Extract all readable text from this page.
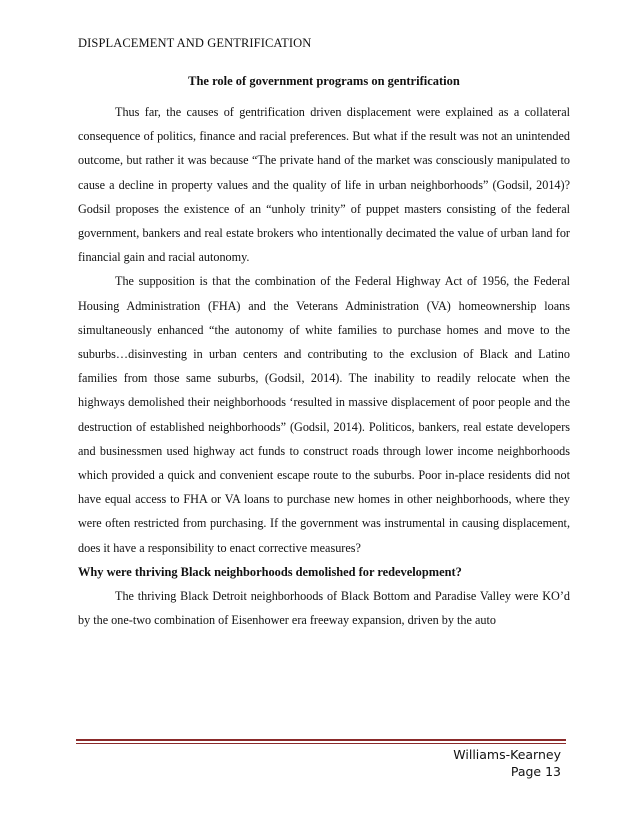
DISPLACEMENT AND GENTRIFICATION
The role of government programs on gentrification

Thus far, the causes of gentrification driven displacement were explained as a collateral consequence of politics, finance and racial preferences. But what if the result was not an unintended outcome, but rather it was because “The private hand of the market was consciously manipulated to cause a decline in property values and the quality of life in urban neighborhoods” (Godsil, 2014)? Godsil proposes the existence of an “unholy trinity” of puppet masters consisting of the federal government, bankers and real estate brokers who intentionally decimated the value of urban land for financial gain and racial autonomy.

The supposition is that the combination of the Federal Highway Act of 1956, the Federal Housing Administration (FHA) and the Veterans Administration (VA) homeownership loans simultaneously enhanced “the autonomy of white families to purchase homes and move to the suburbs…disinvesting in urban centers and contributing to the exclusion of Black and Latino families from those same suburbs, (Godsil, 2014). The inability to readily relocate when the highways demolished their neighborhoods ‘resulted in massive displacement of poor people and the destruction of established neighborhoods” (Godsil, 2014). Politicos, bankers, real estate developers and businessmen used highway act funds to construct roads through lower income neighborhoods which provided a quick and convenient escape route to the suburbs. Poor in-place residents did not have equal access to FHA or VA loans to purchase new homes in other neighborhoods, where they were often restricted from purchasing. If the government was instrumental in causing displacement, does it have a responsibility to enact corrective measures?

Why were thriving Black neighborhoods demolished for redevelopment?

The thriving Black Detroit neighborhoods of Black Bottom and Paradise Valley were KO’d by the one-two combination of Eisenhower era freeway expansion, driven by the auto

Williams-Kearney
Page 13
